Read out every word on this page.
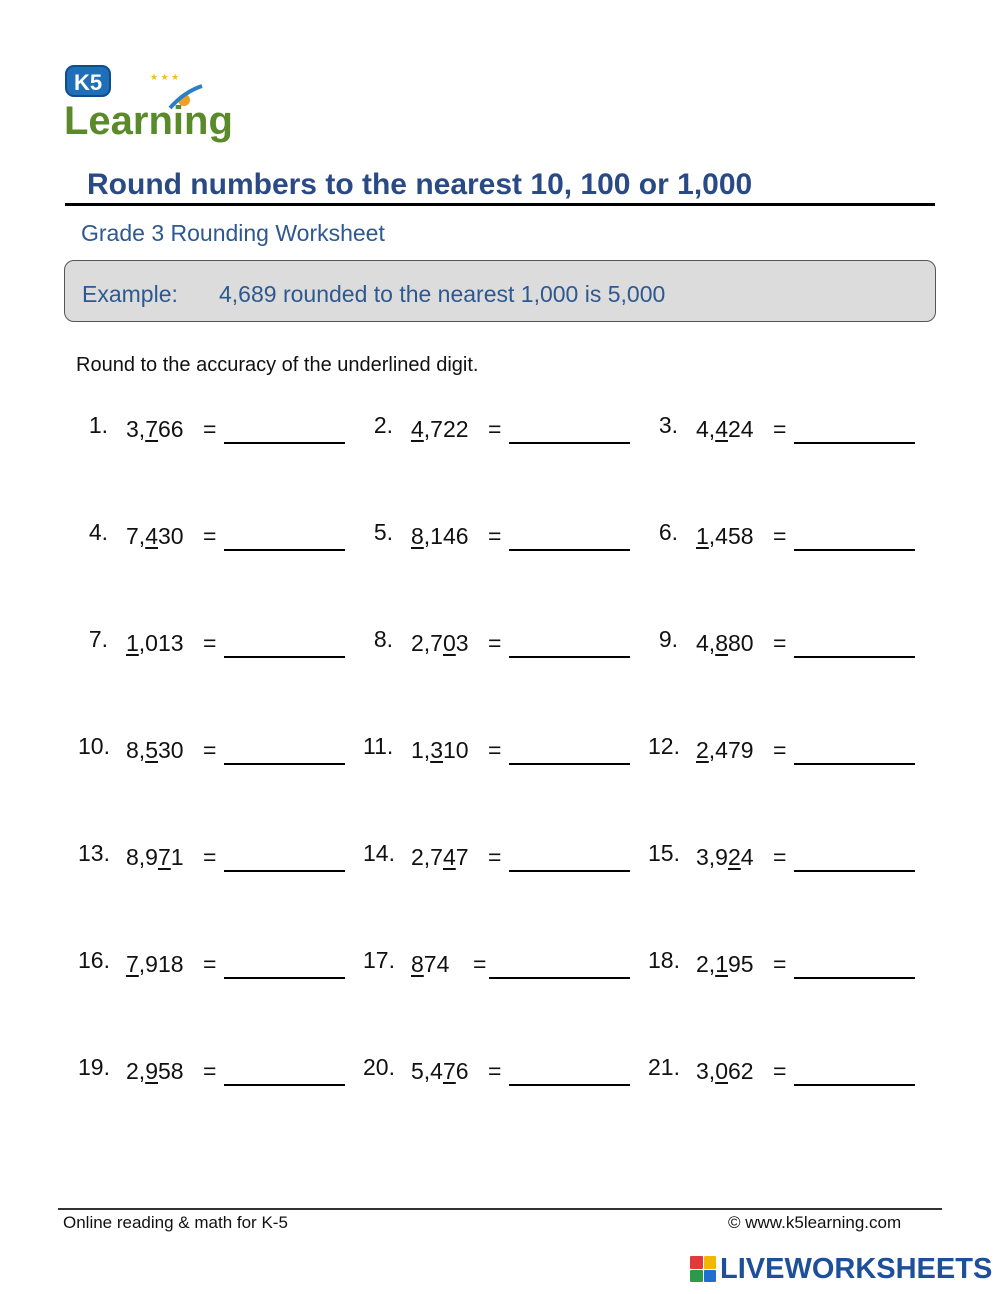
K5	★ ★ ★
Learning
Round numbers to the nearest 10, 100 or 1,000
Grade 3 Rounding Worksheet
Example: 4,689 rounded to the nearest 1,000 is 5,000
Round to the accuracy of the underlined digit.
1. 3,766 =	2. 4,722 =	3. 4,424 =
4. 7,430 =	5. 8,146 =	6. 1,458 =
7. 1,013 =	8. 2,703 =	9. 4,880 =
10. 8,530 =	11. 1,310 =	12. 2,479 =
13. 8,971 =	14. 2,747 =	15. 3,924 =
16. 7,918 =	17. 874 =	18. 2,195 =
19. 2,958 =	20. 5,476 =	21. 3,062 =
Online reading & math for K-5	© www.k5learning.com
LIVEWORKSHEETS
